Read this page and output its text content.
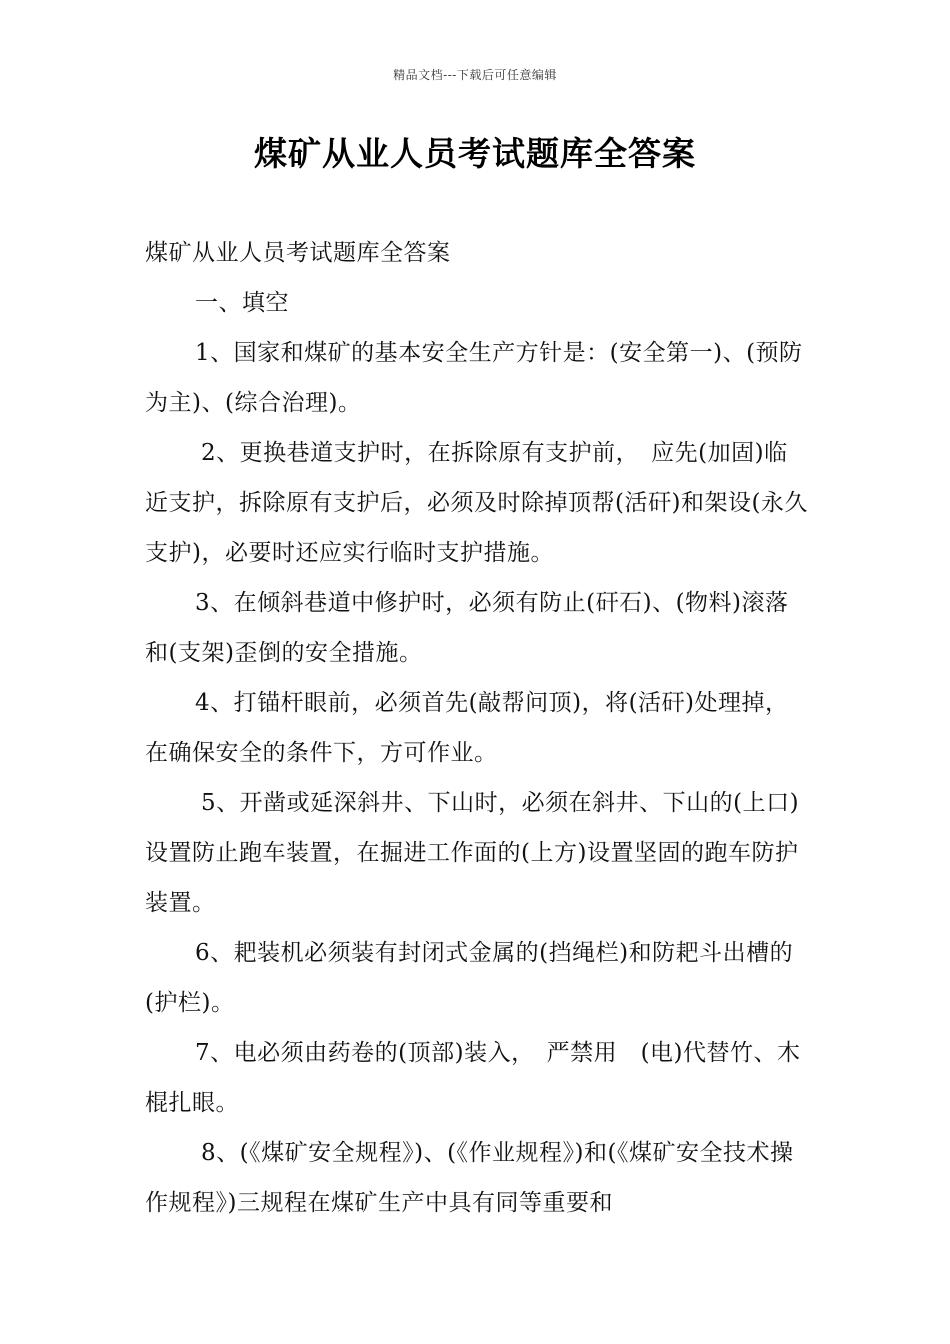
精品文档---下载后可任意编辑
煤矿从业人员考试题库全答案

煤矿从业人员考试题库全答案

一、填空

1、国家和煤矿的基本安全生产方针是：(安全第一)、(预防为主)、(综合治理)。

2、更换巷道支护时，在拆除原有支护前，　应先(加固)临近支护，拆除原有支护后，必须及时除掉顶帮(活矸)和架设(永久支护)，必要时还应实行临时支护措施。

3、在倾斜巷道中修护时，必须有防止(矸石)、(物料)滚落和(支架)歪倒的安全措施。

4、打锚杆眼前，必须首先(敲帮问顶)，将(活矸)处理掉，在确保安全的条件下，方可作业。

5、开凿或延深斜井、下山时，必须在斜井、下山的(上口)设置防止跑车装置，在掘进工作面的(上方)设置坚固的跑车防护装置。

6、耙装机必须装有封闭式金属的(挡绳栏)和防耙斗出槽的(护栏)。

7、电必须由药卷的(顶部)装入，　严禁用　(电)代替竹、木棍扎眼。

8、(《煤矿安全规程》)、(《作业规程》)和(《煤矿安全技术操作规程》)三规程在煤矿生产中具有同等重要和
